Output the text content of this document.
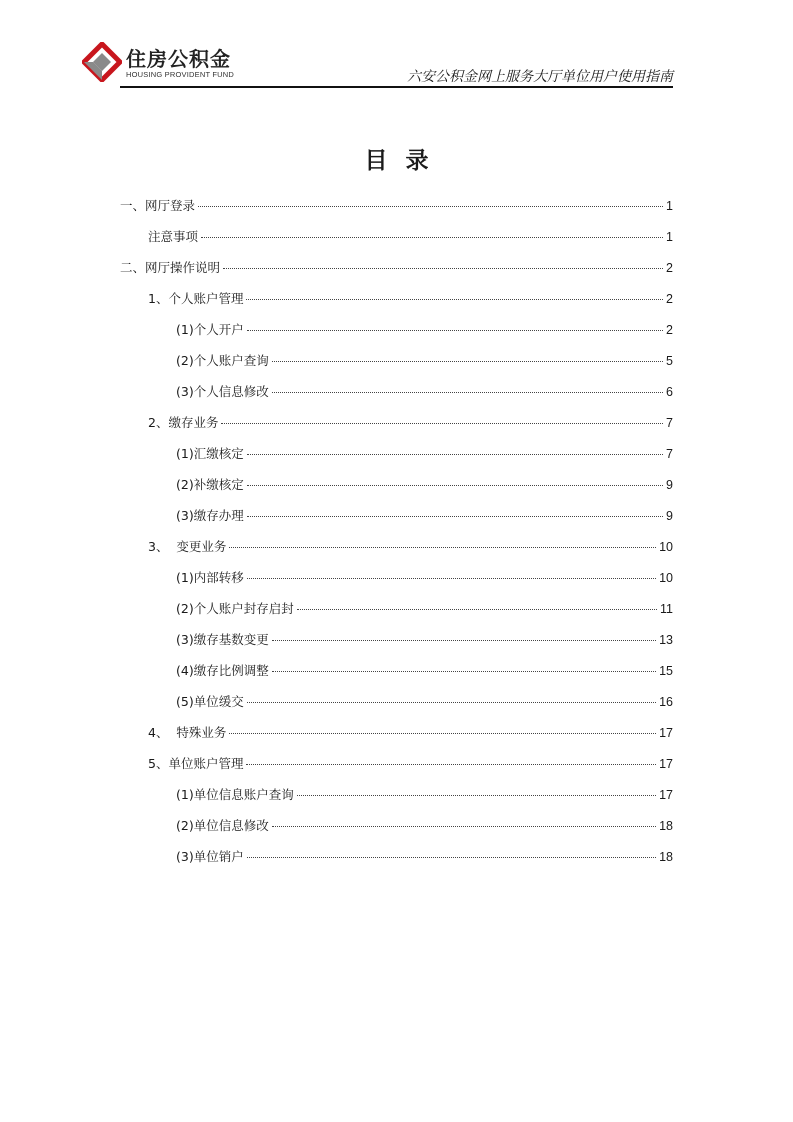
住房公积金
HOUSING PROVIDENT FUND	六安公积金网上服务大厅单位用户使用指南
目录
一、网厅登录	1
注意事项	1
二、网厅操作说明	2
1、个人账户管理	2
(1)个人开户	2
(2)个人账户查询	5
(3)个人信息修改	6
2、缴存业务	7
(1)汇缴核定	7
(2)补缴核定	9
(3)缴存办理	9
3、  变更业务	10
(1)内部转移	10
(2)个人账户封存启封	11
(3)缴存基数变更	13
(4)缴存比例调整	15
(5)单位缓交	16
4、  特殊业务	17
5、单位账户管理	17
(1)单位信息账户查询	17
(2)单位信息修改	18
(3)单位销户	18
